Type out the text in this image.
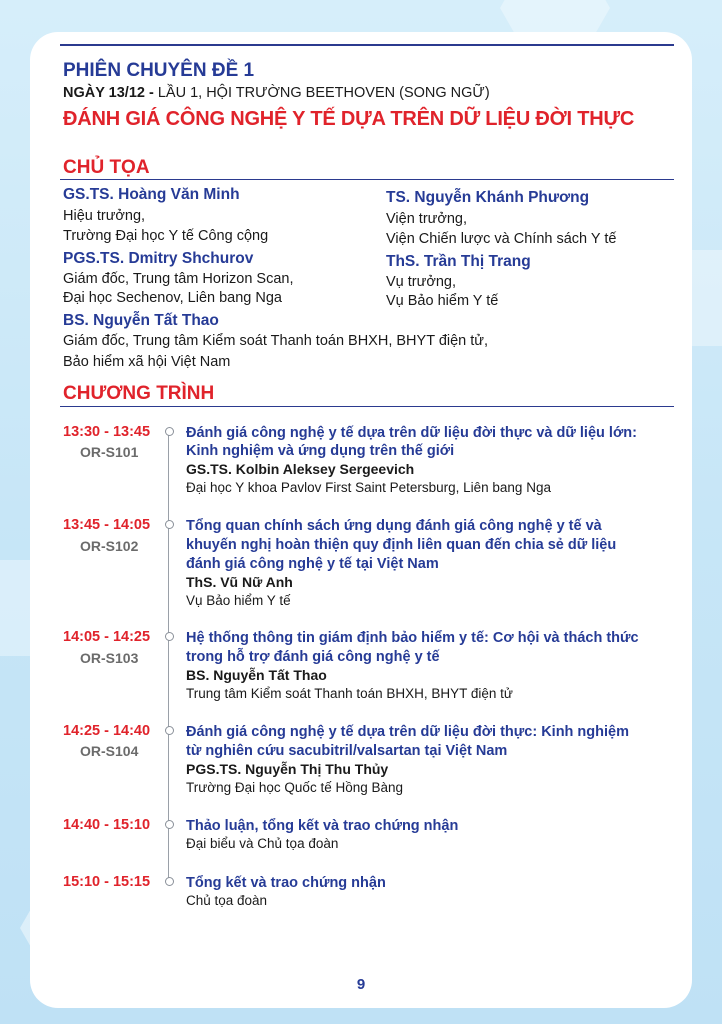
PHIÊN CHUYÊN ĐỀ 1
NGÀY 13/12 - LẦU 1, HỘI TRƯỜNG BEETHOVEN (SONG NGỮ)
ĐÁNH GIÁ CÔNG NGHỆ Y TẾ DỰA TRÊN DỮ LIỆU ĐỜI THỰC
CHỦ TỌA
GS.TS. Hoàng Văn Minh
Hiệu trưởng,
Trường Đại học Y tế Công cộng
TS. Nguyễn Khánh Phương
Viện trưởng,
Viện Chiến lược và Chính sách Y tế
PGS.TS. Dmitry Shchurov
Giám đốc, Trung tâm Horizon Scan,
Đại học Sechenov, Liên bang Nga
ThS. Trần Thị Trang
Vụ trưởng,
Vụ Bảo hiểm Y tế
BS. Nguyễn Tất Thao
Giám đốc, Trung tâm Kiểm soát Thanh toán BHXH, BHYT điện tử,
Bảo hiểm xã hội Việt Nam
CHƯƠNG TRÌNH
13:30 - 13:45
OR-S101
Đánh giá công nghệ y tế dựa trên dữ liệu đời thực và dữ liệu lớn:
Kinh nghiệm và ứng dụng trên thế giới
GS.TS. Kolbin Aleksey Sergeevich
Đại học Y khoa Pavlov First Saint Petersburg, Liên bang Nga
13:45 - 14:05
OR-S102
Tổng quan chính sách ứng dụng đánh giá công nghệ y tế và
khuyến nghị hoàn thiện quy định liên quan đến chia sẻ dữ liệu
đánh giá công nghệ y tế tại Việt Nam
ThS. Vũ Nữ Anh
Vụ Bảo hiểm Y tế
14:05 - 14:25
OR-S103
Hệ thống thông tin giám định bảo hiểm y tế: Cơ hội và thách thức
trong hỗ trợ đánh giá công nghệ y tế
BS. Nguyễn Tất Thao
Trung tâm Kiểm soát Thanh toán BHXH, BHYT điện tử
14:25 - 14:40
OR-S104
Đánh giá công nghệ y tế dựa trên dữ liệu đời thực: Kinh nghiệm
từ nghiên cứu sacubitril/valsartan tại Việt Nam
PGS.TS. Nguyễn Thị Thu Thủy
Trường Đại học Quốc tế Hồng Bàng
14:40 - 15:10 Thảo luận, tổng kết và trao chứng nhận
Đại biểu và Chủ tọa đoàn
15:10 - 15:15 Tổng kết và trao chứng nhận
Chủ tọa đoàn
9
